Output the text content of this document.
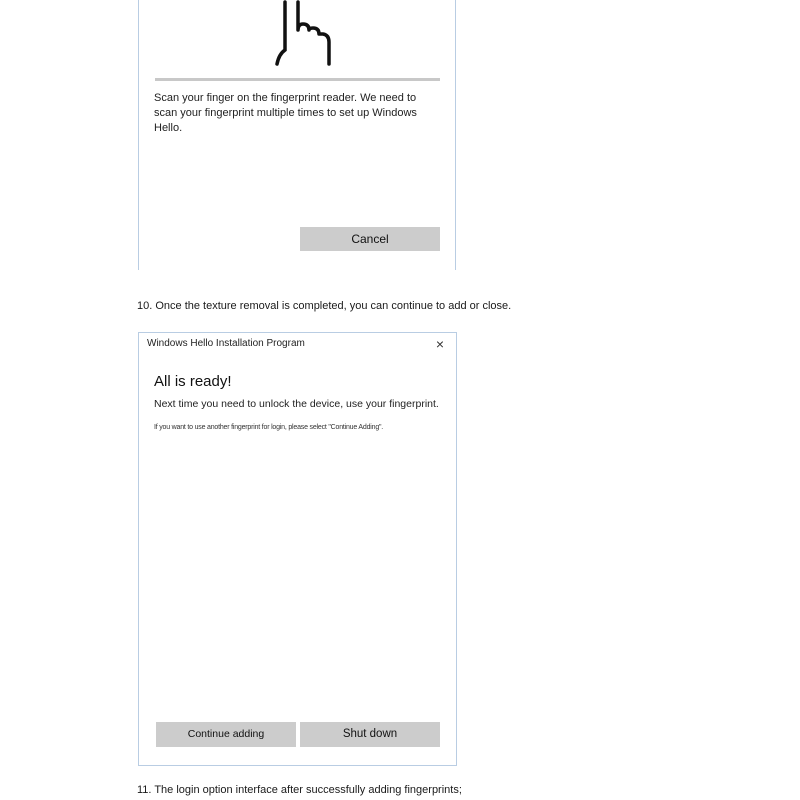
Scan your finger on the fingerprint reader. We need to scan your fingerprint multiple times to set up Windows Hello.
Cancel
10. Once the texture removal is completed, you can continue to add or close.
Windows Hello Installation Program	×
All is ready!
Next time you need to unlock the device, use your fingerprint.
If you want to use another fingerprint for login, please select "Continue Adding".
Continue adding	Shut down
11. The login option interface after successfully adding fingerprints;
